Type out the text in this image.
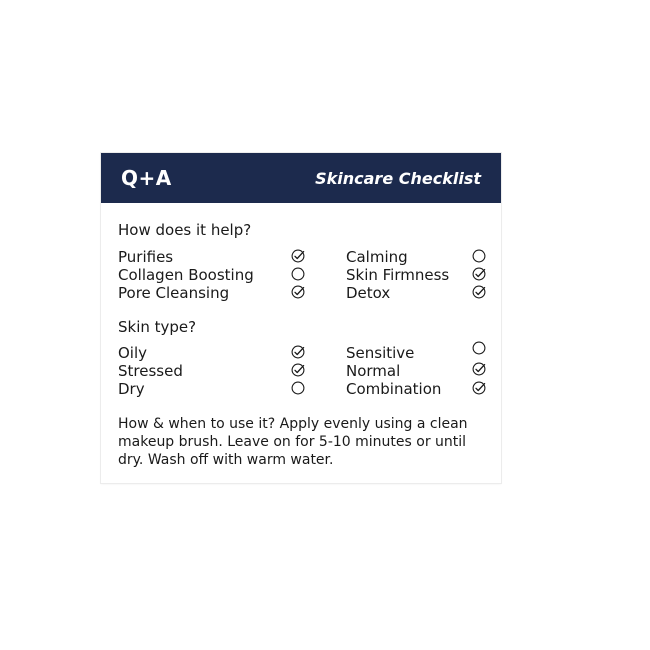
Q+A	Skincare Checklist
How does it help?
Purifies
Collagen Boosting
Pore Cleansing
Calming
Skin Firmness
Detox
Skin type?
Oily
Stressed
Dry
Sensitive
Normal
Combination
How & when to use it? Apply evenly using a clean makeup brush. Leave on for 5-10 minutes or until dry. Wash off with warm water.
